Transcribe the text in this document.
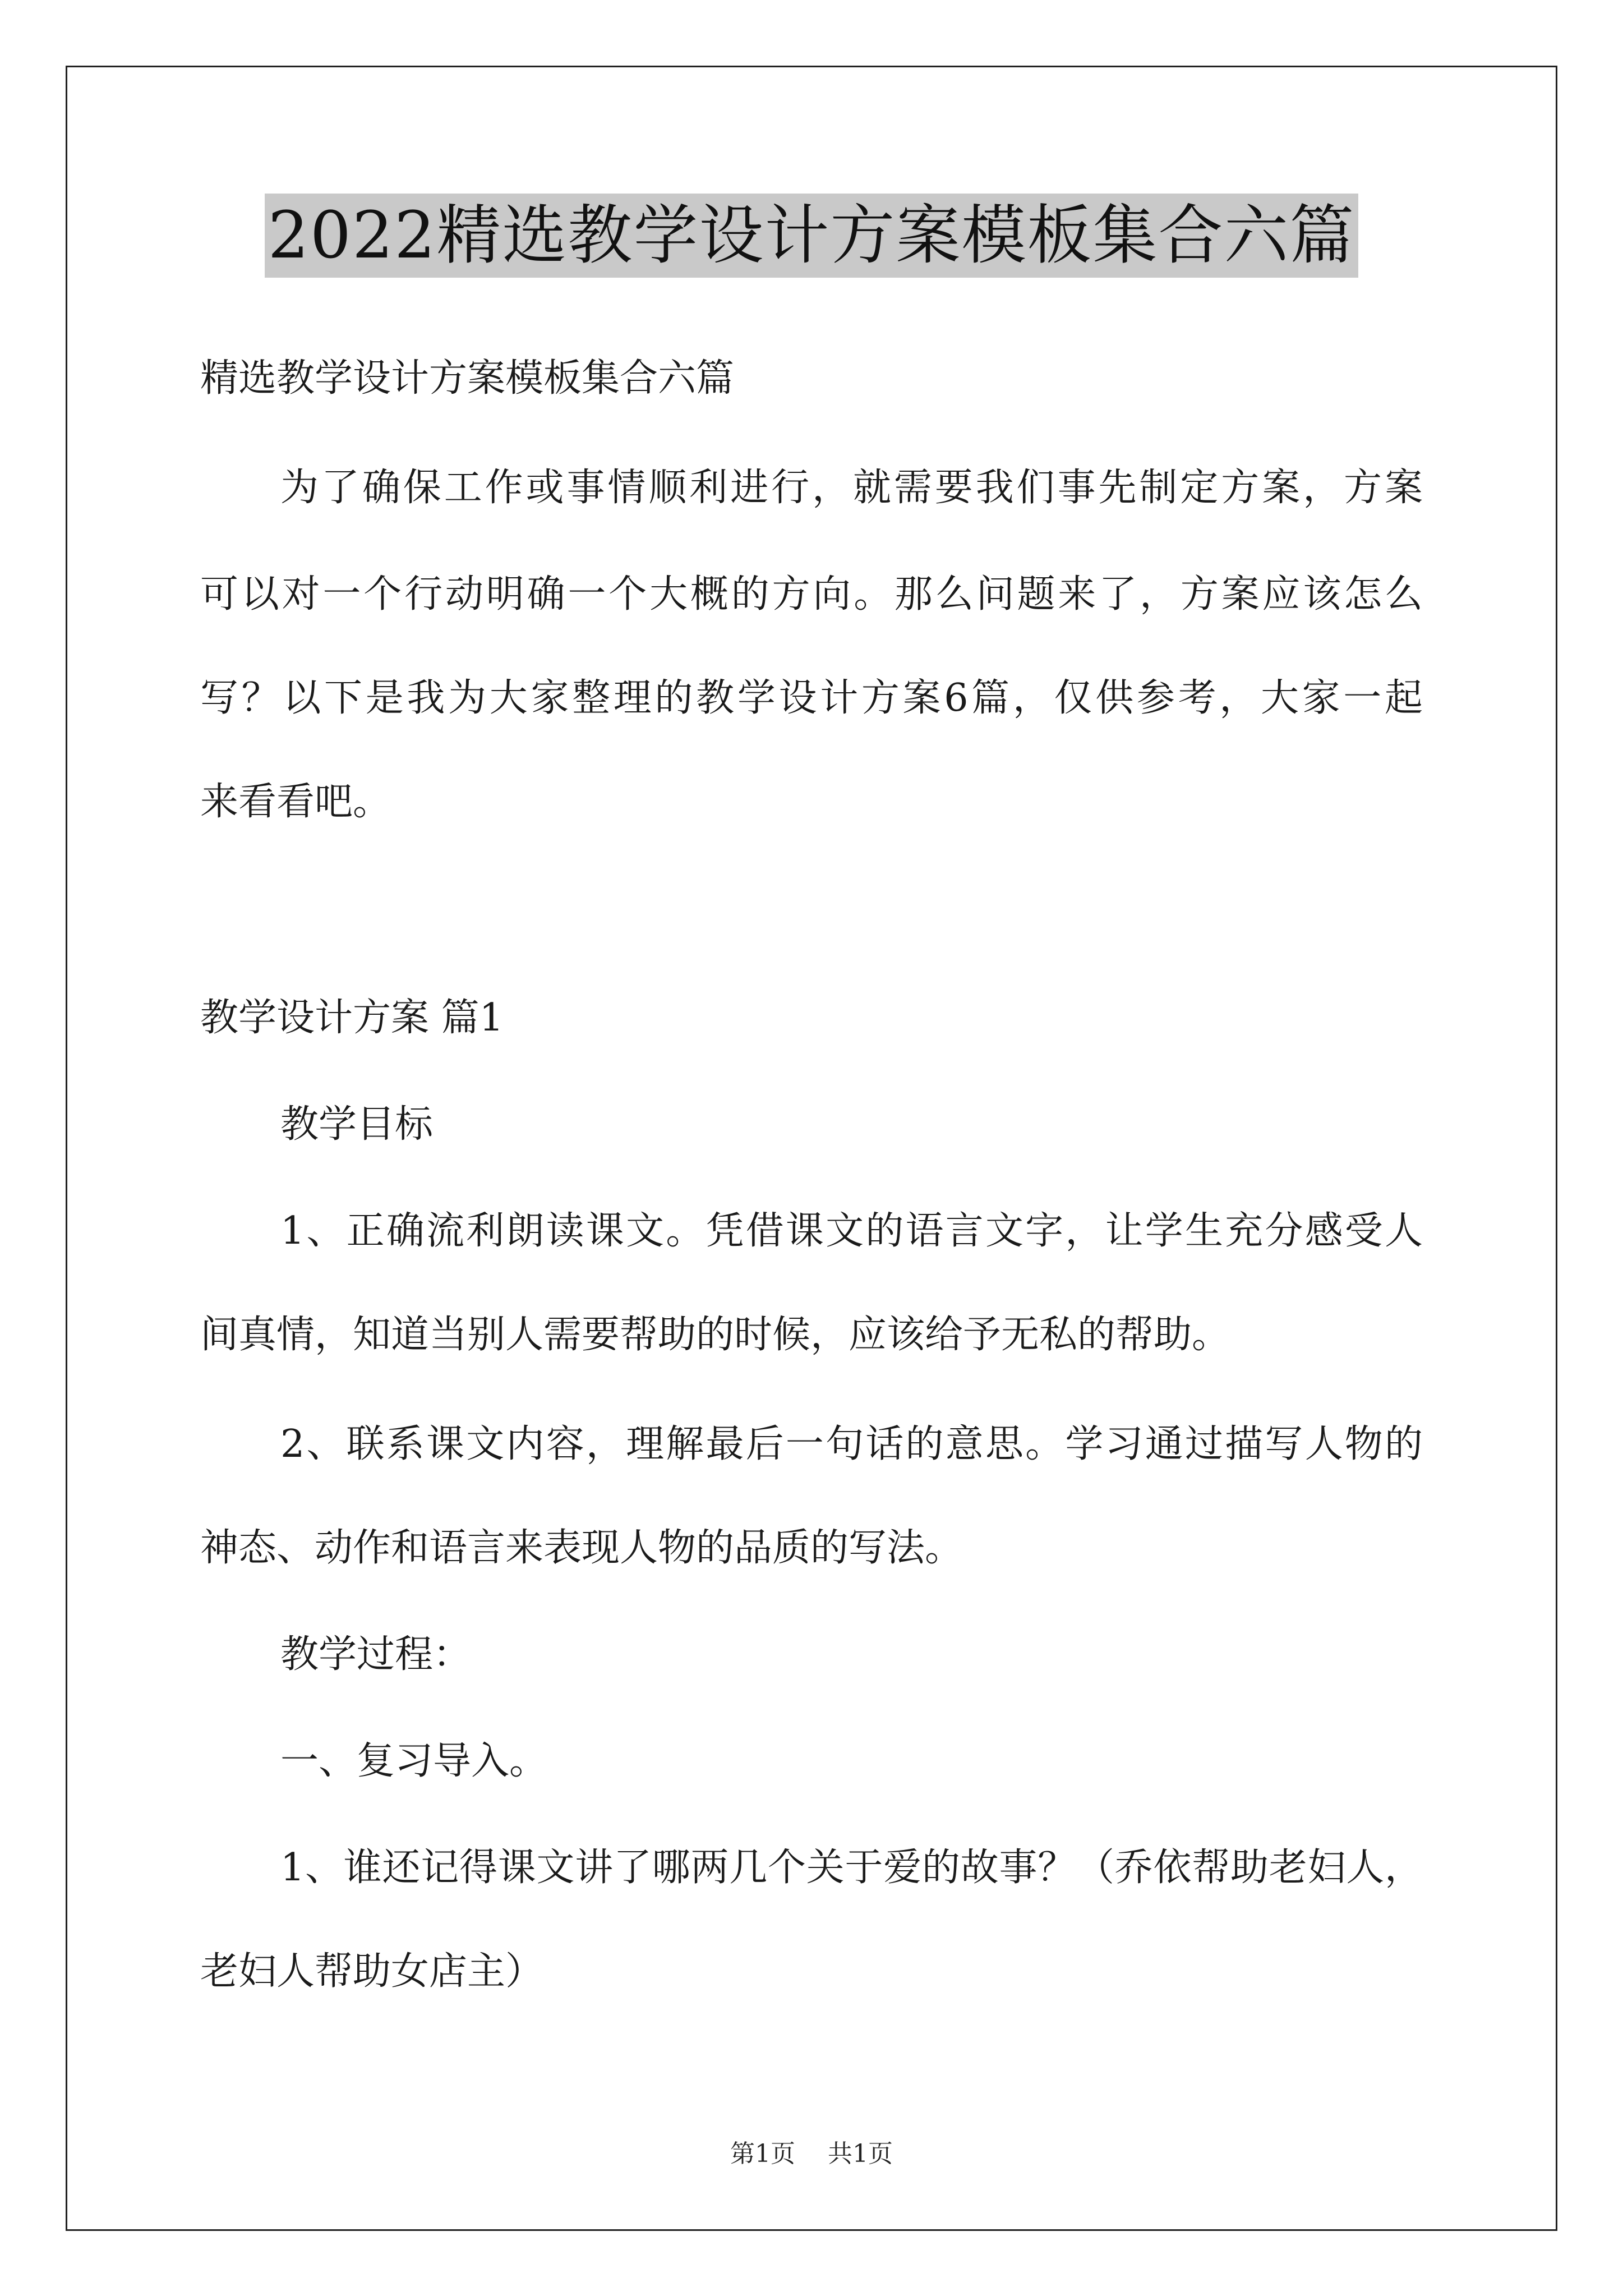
2022精选教学设计方案模板集合六篇
精选教学设计方案模板集合六篇
为了确保工作或事情顺利进行，就需要我们事先制定方案，方案
可以对一个行动明确一个大概的方向。那么问题来了，方案应该怎么
写？以下是我为大家整理的教学设计方案6篇，仅供参考，大家一起
来看看吧。
教学设计方案 篇1
教学目标
1、正确流利朗读课文。凭借课文的语言文字，让学生充分感受人
间真情，知道当别人需要帮助的时候，应该给予无私的帮助。
2、联系课文内容，理解最后一句话的意思。学习通过描写人物的
神态、动作和语言来表现人物的品质的写法。
教学过程：
一、复习导入。
1、谁还记得课文讲了哪两几个关于爱的故事？（乔依帮助老妇人，
老妇人帮助女店主）
第1页 共1页
